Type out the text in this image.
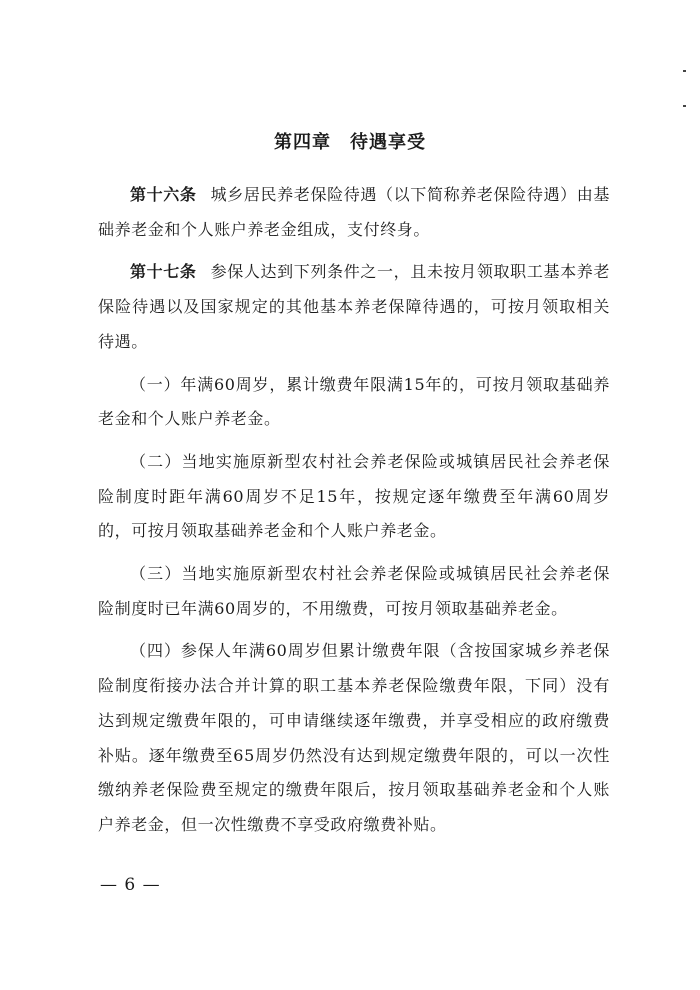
第四章　待遇享受

第十六条 城乡居民养老保险待遇（以下简称养老保险待遇）由基础养老金和个人账户养老金组成，支付终身。

第十七条 参保人达到下列条件之一，且未按月领取职工基本养老保险待遇以及国家规定的其他基本养老保障待遇的，可按月领取相关待遇。

（一）年满60周岁，累计缴费年限满15年的，可按月领取基础养老金和个人账户养老金。

（二）当地实施原新型农村社会养老保险或城镇居民社会养老保险制度时距年满60周岁不足15年，按规定逐年缴费至年满60周岁的，可按月领取基础养老金和个人账户养老金。

（三）当地实施原新型农村社会养老保险或城镇居民社会养老保险制度时已年满60周岁的，不用缴费，可按月领取基础养老金。

（四）参保人年满60周岁但累计缴费年限（含按国家城乡养老保险制度衔接办法合并计算的职工基本养老保险缴费年限，下同）没有达到规定缴费年限的，可申请继续逐年缴费，并享受相应的政府缴费补贴。逐年缴费至65周岁仍然没有达到规定缴费年限的，可以一次性缴纳养老保险费至规定的缴费年限后，按月领取基础养老金和个人账户养老金，但一次性缴费不享受政府缴费补贴。

— 6 —
